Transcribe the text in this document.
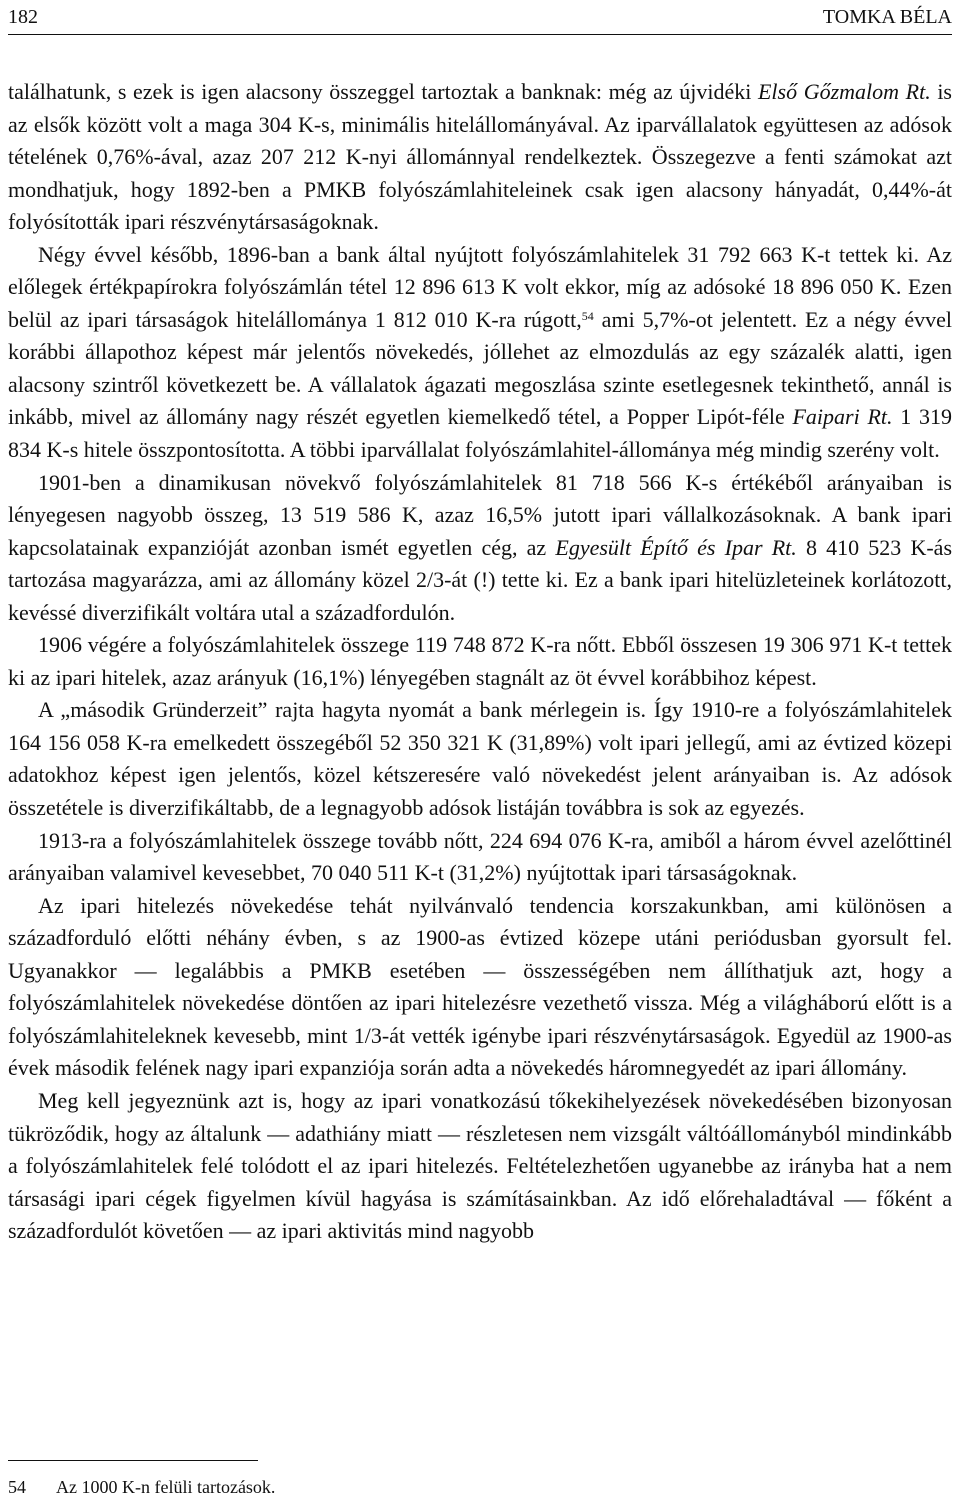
182	TOMKA BÉLA

találhatunk, s ezek is igen alacsony összeggel tartoztak a banknak: még az újvidéki Első Gőzmalom Rt. is az elsők között volt a maga 304 K-s, minimális hitelállományával. Az iparvállalatok együttesen az adósok tételének 0,76%-ával, azaz 207 212 K-nyi állománnyal rendelkeztek. Összegezve a fenti számokat azt mondhatjuk, hogy 1892-ben a PMKB folyószámlahiteleinek csak igen alacsony hányadát, 0,44%-át folyósították ipari részvénytársaságoknak.

Négy évvel később, 1896-ban a bank által nyújtott folyószámlahitelek 31 792 663 K-t tettek ki. Az előlegek értékpapírokra folyószámlán tétel 12 896 613 K volt ekkor, míg az adósoké 18 896 050 K. Ezen belül az ipari társaságok hitelállománya 1 812 010 K-ra rúgott,$^{54}$ ami 5,7%-ot jelentett. Ez a négy évvel korábbi állapothoz képest már jelentős növekedés, jóllehet az elmozdulás az egy százalék alatti, igen alacsony szintről következett be. A vállalatok ágazati megoszlása szinte esetlegesnek tekinthető, annál is inkább, mivel az állomány nagy részét egyetlen kiemelkedő tétel, a Popper Lipót-féle Faipari Rt. 1 319 834 K-s hitele összpontosította. A többi iparvállalat folyószámlahitel-állománya még mindig szerény volt.

1901-ben a dinamikusan növekvő folyószámlahitelek 81 718 566 K-s értékéből arányaiban is lényegesen nagyobb összeg, 13 519 586 K, azaz 16,5% jutott ipari vállalkozásoknak. A bank ipari kapcsolatainak expanzióját azonban ismét egyetlen cég, az Egyesült Építő és Ipar Rt. 8 410 523 K-ás tartozása magyarázza, ami az állomány közel 2/3-át (!) tette ki. Ez a bank ipari hitelüzleteinek korlátozott, kevéssé diverzifikált voltára utal a századfordulón.

1906 végére a folyószámlahitelek összege 119 748 872 K-ra nőtt. Ebből összesen 19 306 971 K-t tettek ki az ipari hitelek, azaz arányuk (16,1%) lényegében stagnált az öt évvel korábbihoz képest.

A „második Gründerzeit” rajta hagyta nyomát a bank mérlegein is. Így 1910-re a folyószámlahitelek 164 156 058 K-ra emelkedett összegéből 52 350 321 K (31,89%) volt ipari jellegű, ami az évtized közepi adatokhoz képest igen jelentős, közel kétszeresére való növekedést jelent arányaiban is. Az adósok összetétele is diverzifikáltabb, de a legnagyobb adósok listáján továbbra is sok az egyezés.

1913-ra a folyószámlahitelek összege tovább nőtt, 224 694 076 K-ra, amiből a három évvel azelőttinél arányaiban valamivel kevesebbet, 70 040 511 K-t (31,2%) nyújtottak ipari társaságoknak.

Az ipari hitelezés növekedése tehát nyilvánvaló tendencia korszakunkban, ami különösen a századforduló előtti néhány évben, s az 1900-as évtized közepe utáni periódusban gyorsult fel. Ugyanakkor — legalábbis a PMKB esetében — összességében nem állíthatjuk azt, hogy a folyószámlahitelek növekedése döntően az ipari hitelezésre vezethető vissza. Még a világháború előtt is a folyószámlahiteleknek kevesebb, mint 1/3-át vették igénybe ipari részvénytársaságok. Egyedül az 1900-as évek második felének nagy ipari expanziója során adta a növekedés háromnegyedét az ipari állomány.

Meg kell jegyeznünk azt is, hogy az ipari vonatkozású tőkekihelyezések növekedésében bizonyosan tükröződik, hogy az általunk — adathiány miatt — részletesen nem vizsgált váltóállományból mindinkább a folyószámlahitelek felé tolódott el az ipari hitelezés. Feltételezhetően ugyanebbe az irányba hat a nem társasági ipari cégek figyelmen kívül hagyása is számításainkban. Az idő előrehaladtával — főként a századfordulót követően — az ipari aktivitás mind nagyobb

54 Az 1000 K-n felüli tartozások.
